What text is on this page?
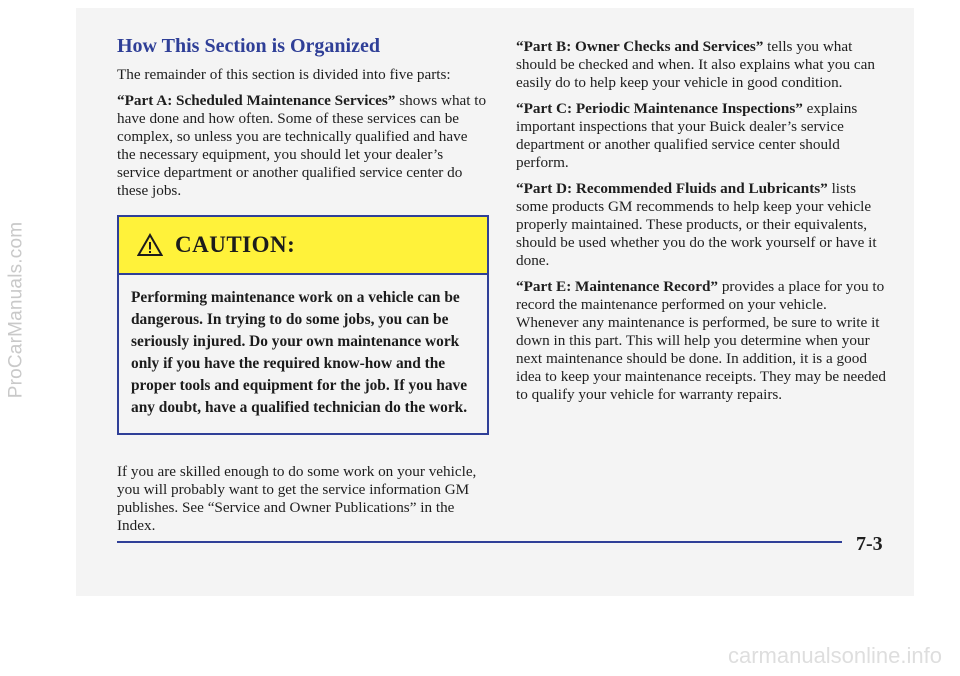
ProCarManuals.com
How This Section is Organized

The remainder of this section is divided into five parts:

“Part A: Scheduled Maintenance Services” shows what to have done and how often. Some of these services can be complex, so unless you are technically qualified and have the necessary equipment, you should let your dealer’s service department or another qualified service center do these jobs.

CAUTION:
Performing maintenance work on a vehicle can be dangerous. In trying to do some jobs, you can be seriously injured. Do your own maintenance work only if you have the required know-how and the proper tools and equipment for the job. If you have any doubt, have a qualified technician do the work.

If you are skilled enough to do some work on your vehicle, you will probably want to get the service information GM publishes. See “Service and Owner Publications” in the Index.

“Part B: Owner Checks and Services” tells you what should be checked and when. It also explains what you can easily do to help keep your vehicle in good condition.

“Part C: Periodic Maintenance Inspections” explains important inspections that your Buick dealer’s service department or another qualified service center should perform.

“Part D: Recommended Fluids and Lubricants” lists some products GM recommends to help keep your vehicle properly maintained. These products, or their equivalents, should be used whether you do the work yourself or have it done.

“Part E: Maintenance Record” provides a place for you to record the maintenance performed on your vehicle. Whenever any maintenance is performed, be sure to write it down in this part. This will help you determine when your next maintenance should be done. In addition, it is a good idea to keep your maintenance receipts. They may be needed to qualify your vehicle for warranty repairs.

7-3
carmanualsonline.info
